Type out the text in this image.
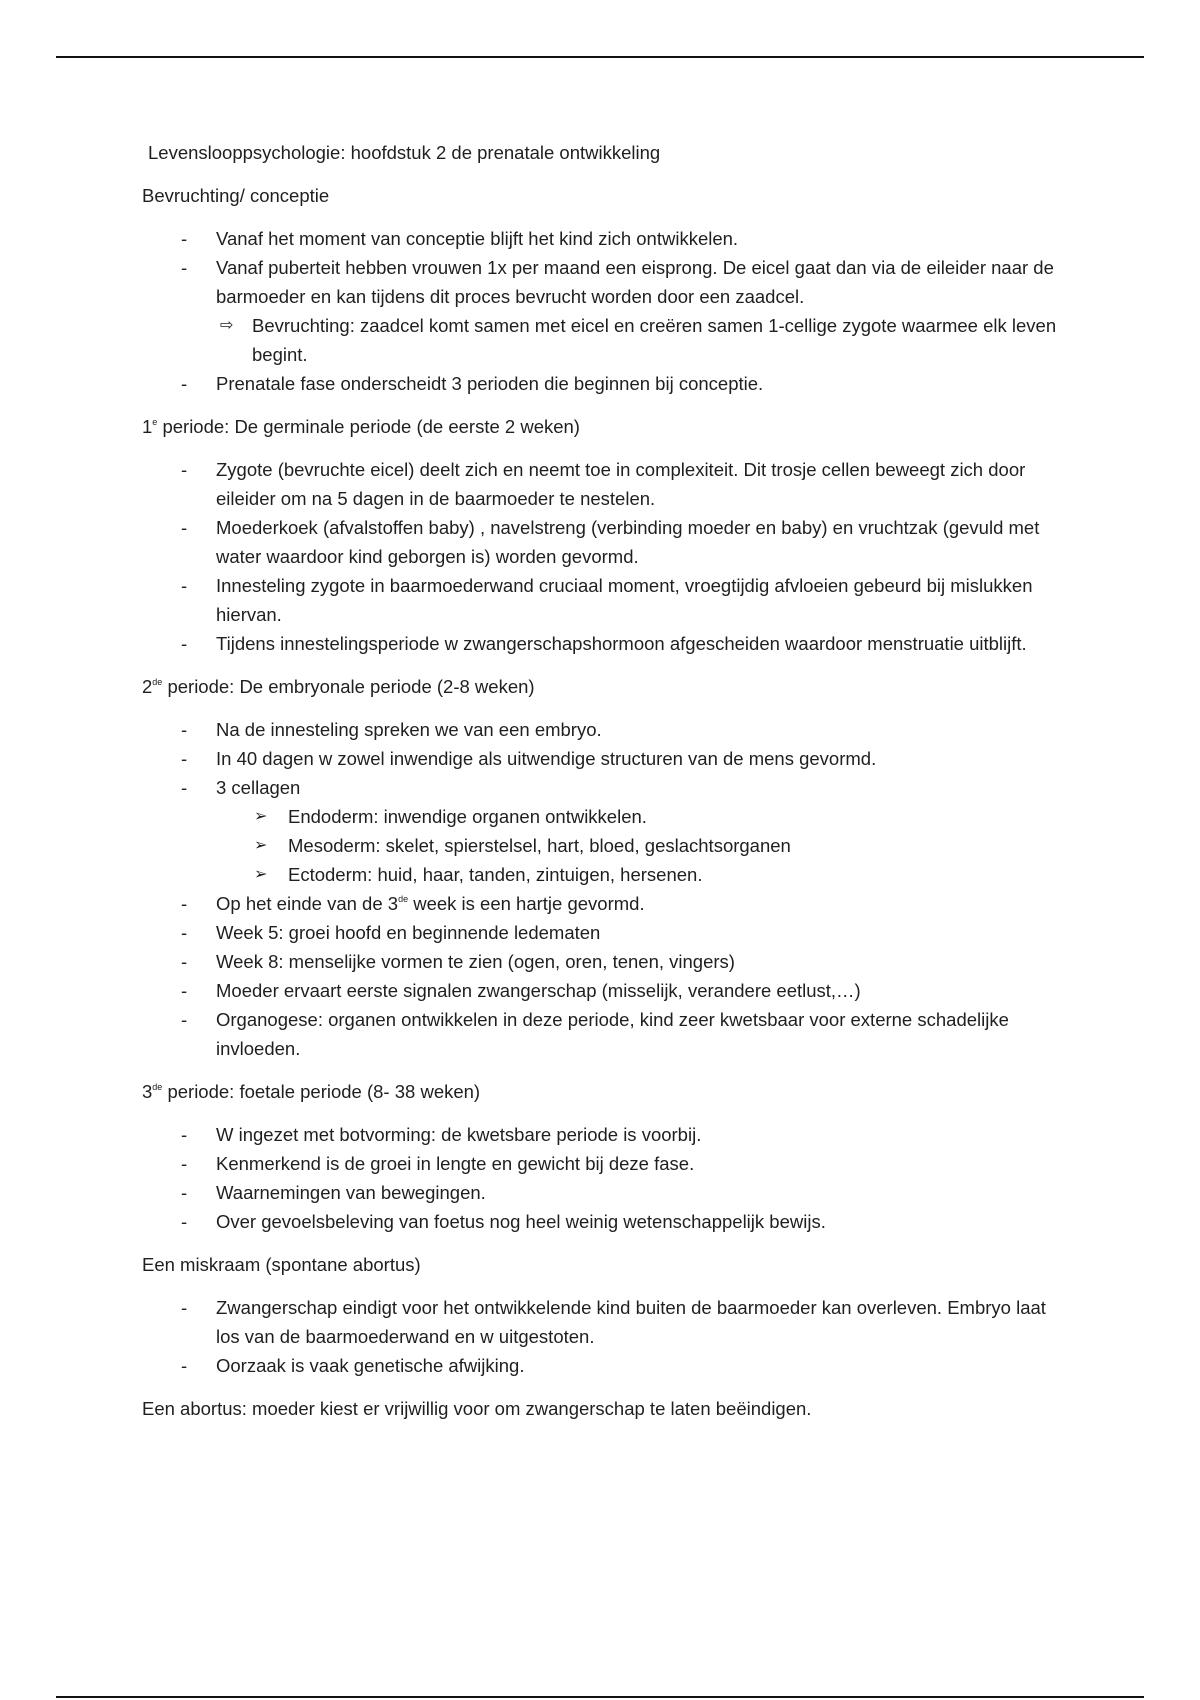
Levenslooppsychologie: hoofdstuk 2 de prenatale ontwikkeling
Bevruchting/ conceptie
- Vanaf het moment van conceptie blijft het kind zich ontwikkelen.
- Vanaf puberteit hebben vrouwen 1x per maand een eisprong. De eicel gaat dan via de eileider naar de barmoeder en kan tijdens dit proces bevrucht worden door een zaadcel.
⇨ Bevruchting: zaadcel komt samen met eicel en creëren samen 1-cellige zygote waarmee elk leven begint.
- Prenatale fase onderscheidt 3 perioden die beginnen bij conceptie.
1e periode: De germinale periode (de eerste 2 weken)
- Zygote (bevruchte eicel) deelt zich en neemt toe in complexiteit. Dit trosje cellen beweegt zich door eileider om na 5 dagen in de baarmoeder te nestelen.
- Moederkoek (afvalstoffen baby) , navelstreng (verbinding moeder en baby) en vruchtzak (gevuld met water waardoor kind geborgen is) worden gevormd.
- Innesteling zygote in baarmoederwand cruciaal moment, vroegtijdig afvloeien gebeurd bij mislukken hiervan.
- Tijdens innestelingsperiode w zwangerschapshormoon afgescheiden waardoor menstruatie uitblijft.
2de periode: De embryonale periode (2-8 weken)
- Na de innesteling spreken we van een embryo.
- In 40 dagen w zowel inwendige als uitwendige structuren van de mens gevormd.
- 3 cellagen
➢ Endoderm: inwendige organen ontwikkelen.
➢ Mesoderm: skelet, spierstelsel, hart, bloed, geslachtsorganen
➢ Ectoderm: huid, haar, tanden, zintuigen, hersenen.
- Op het einde van de 3de week is een hartje gevormd.
- Week 5: groei hoofd en beginnende ledematen
- Week 8: menselijke vormen te zien (ogen, oren, tenen, vingers)
- Moeder ervaart eerste signalen zwangerschap (misselijk, verandere eetlust,…)
- Organogese: organen ontwikkelen in deze periode, kind zeer kwetsbaar voor externe schadelijke invloeden.
3de periode: foetale periode (8- 38 weken)
- W ingezet met botvorming: de kwetsbare periode is voorbij.
- Kenmerkend is de groei in lengte en gewicht bij deze fase.
- Waarnemingen van bewegingen.
- Over gevoelsbeleving van foetus nog heel weinig wetenschappelijk bewijs.
Een miskraam (spontane abortus)
- Zwangerschap eindigt voor het ontwikkelende kind buiten de baarmoeder kan overleven. Embryo laat los van de baarmoederwand en w uitgestoten.
- Oorzaak is vaak genetische afwijking.
Een abortus: moeder kiest er vrijwillig voor om zwangerschap te laten beëindigen.
